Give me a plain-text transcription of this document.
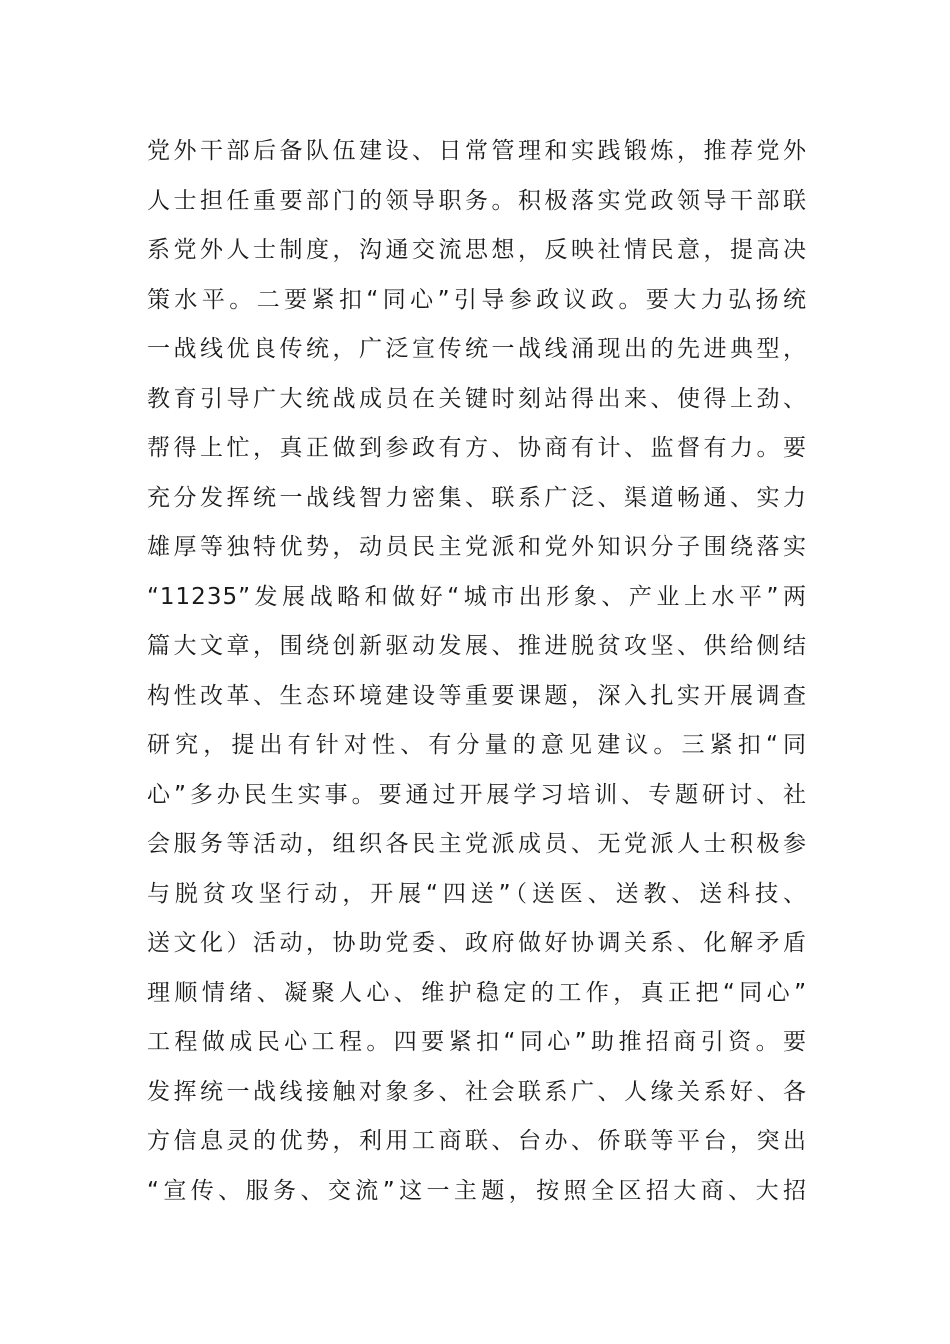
党外干部后备队伍建设、日常管理和实践锻炼，推荐党外
人士担任重要部门的领导职务。积极落实党政领导干部联
系党外人士制度，沟通交流思想，反映社情民意，提高决
策水平。二要紧扣“同心”引导参政议政。要大力弘扬统
一战线优良传统，广泛宣传统一战线涌现出的先进典型，
教育引导广大统战成员在关键时刻站得出来、使得上劲、
帮得上忙，真正做到参政有方、协商有计、监督有力。要
充分发挥统一战线智力密集、联系广泛、渠道畅通、实力
雄厚等独特优势，动员民主党派和党外知识分子围绕落实
“11235”发展战略和做好“城市出形象、产业上水平”两
篇大文章，围绕创新驱动发展、推进脱贫攻坚、供给侧结
构性改革、生态环境建设等重要课题，深入扎实开展调查
研究，提出有针对性、有分量的意见建议。三紧扣“同
心”多办民生实事。要通过开展学习培训、专题研讨、社
会服务等活动，组织各民主党派成员、无党派人士积极参
与脱贫攻坚行动，开展“四送”（送医、送教、送科技、
送文化）活动，协助党委、政府做好协调关系、化解矛盾
理顺情绪、凝聚人心、维护稳定的工作，真正把“同心”
工程做成民心工程。四要紧扣“同心”助推招商引资。要
发挥统一战线接触对象多、社会联系广、人缘关系好、各
方信息灵的优势，利用工商联、台办、侨联等平台，突出
“宣传、服务、交流”这一主题，按照全区招大商、大招
